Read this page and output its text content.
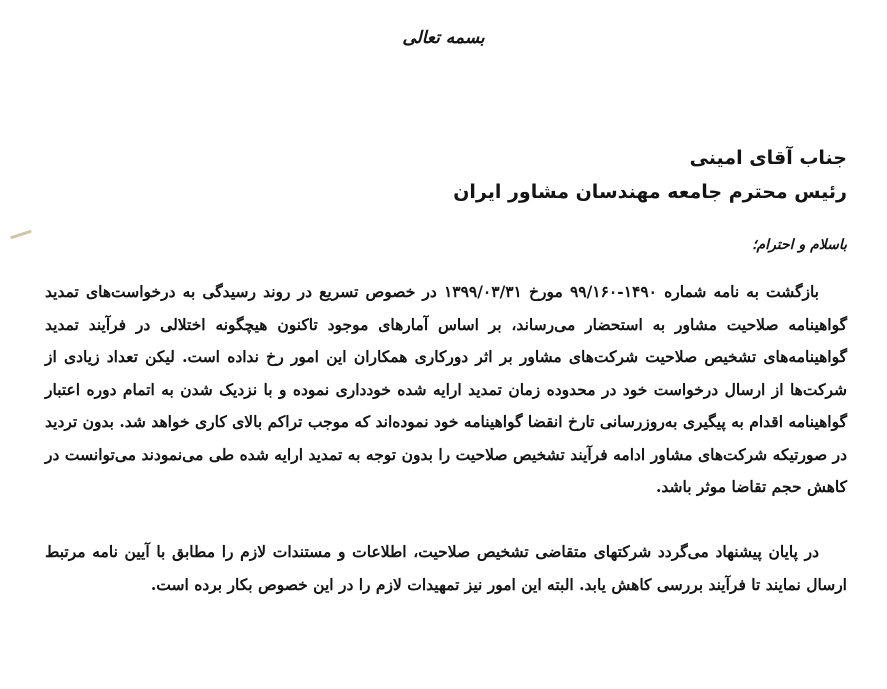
بسمه تعالی
جناب آقای امینی
رئیس محترم جامعه مهندسان مشاور ایران
باسلام و احترام؛

بازگشت به نامه شماره ۱۴۹۰-۹۹/۱۶۰ مورخ ۱۳۹۹/۰۳/۳۱ در خصوص تسریع در روند رسیدگی به درخواست‌های تمدید گواهینامه صلاحیت مشاور به استحضار می‌رساند، بر اساس آمارهای موجود تاکنون هیچگونه اختلالی در فرآیند تمدید گواهینامه‌های تشخیص صلاحیت شرکت‌های مشاور بر اثر دورکاری همکاران این امور رخ نداده است. لیکن تعداد زیادی از شرکت‌ها از ارسال درخواست خود در محدوده زمان تمدید ارایه شده خودداری نموده و با نزدیک شدن به اتمام دوره اعتبار گواهینامه اقدام به پیگیری به‌روزرسانی تارخ انقضا گواهینامه خود نموده‌اند که موجب تراکم بالای کاری خواهد شد. بدون تردید در صورتیکه شرکت‌های مشاور ادامه فرآیند تشخیص صلاحیت را بدون توجه به تمدید ارایه شده طی می‌نمودند می‌توانست در کاهش حجم تقاضا موثر باشد.

در پایان پیشنهاد می‌گردد شرکتهای متقاضی تشخیص صلاحیت، اطلاعات و مستندات لازم را مطابق با آیین نامه مرتبط ارسال نمایند تا فرآیند بررسی کاهش یابد. البته این امور نیز تمهیدات لازم را در این خصوص بکار برده است.
